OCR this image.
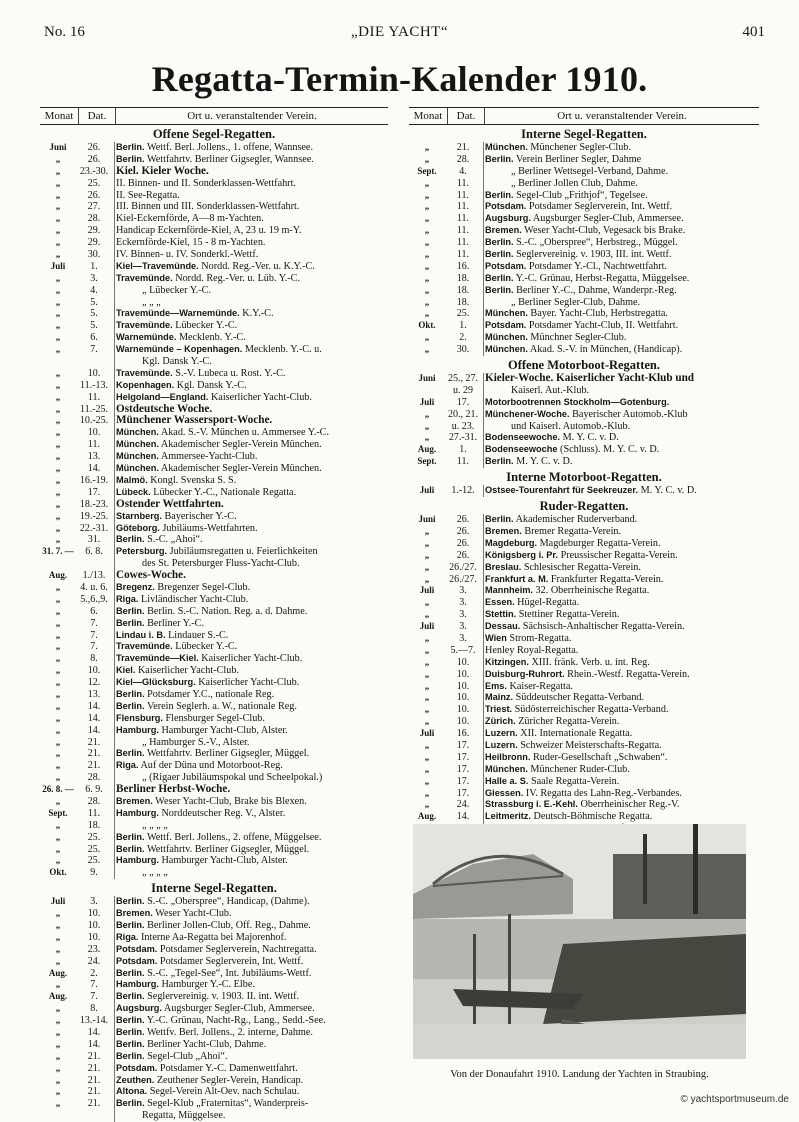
No. 16	„DIE YACHT“	401
Regatta-Termin-Kalender 1910.
Monat	Dat.	Ort u. veranstaltender Verein.
Offene Segel-Regatten.
Juni	26.	Berlin. Wettf. Berl. Jollens., 1. offene, Wannsee.
„	26.	Berlin. Wettfahrtv. Berliner Gigsegler, Wannsee.
„	23.-30. Kiel. Kieler Woche.
„	25.	II. Binnen- und II. Sonderklassen-Wettfahrt.
„	26.	II. See-Regatta.
„	27.	III. Binnen und III. Sonderklassen-Wettfahrt.
„	28.	Kiel-Eckernförde, A—8 m-Yachten.
„	29.	Handicap Eckernförde-Kiel, A, 23 u. 19 m-Y.
„	29.	Eckernförde-Kiel, 15 - 8 m-Yachten.
„	30.	IV. Binnen- u. IV. Sonderkl.-Wettf.
Juli	1.	Kiel—Travemünde. Nordd. Reg.-Ver. u. K.Y.-C.
„	3.	Travemünde. Nordd. Reg.-Ver. u. Lüb. Y.-C.
„	4.	„ Lübecker Y.-C.
„	5.	„ „ „
„	5.	Travemünde—Warnemünde. K.Y.-C.
„	5.	Travemünde. Lübecker Y.-C.
„	6.	Warnemünde. Mecklenb. Y.-C.
„	7.	Warnemünde – Kopenhagen. Mecklenb. Y.-C. u.
Kgl. Dansk Y.-C.
„	10.	Travemünde. S.-V. Lubeca u. Rost. Y.-C.
„	11.-13. Kopenhagen. Kgl. Dansk Y.-C.
„	11.	Helgoland—England. Kaiserlicher Yacht-Club.
„	11.-25. Ostdeutsche Woche.
„	10.-25. Münchener Wassersport-Woche.
„	10.	München. Akad. S.-V. München u. Ammersee Y.-C.
„	11.	München. Akademischer Segler-Verein München.
„	13.	München. Ammersee-Yacht-Club.
„	14.	München. Akademischer Segler-Verein München.
„	16.-19. Malmö. Kongl. Svenska S. S.
„	17.	Lübeck. Lübecker Y.-C., Nationale Regatta.
„	18.-23. Ostender Wettfahrten.
„	19.-25. Starnberg. Bayerischer Y.-C.
„	22.-31. Göteborg. Jubiläums-Wettfahrten.
„	31.	Berlin. S.-C. „Ahoi“.
31. 7. —	6. 8.	Petersburg. Jubiläumsregatten u. Feierlichkeiten
des St. Petersburger Fluss-Yacht-Club.
Aug.	1./13. Cowes-Woche.
„	4. u. 6. Bregenz. Bregenzer Segel-Club.
„	5.,6.,9. Riga. Livländischer Yacht-Club.
„	6.	Berlin. Berlin. S.-C. Nation. Reg. a. d. Dahme.
„	7.	Berlin. Berliner Y.-C.
„	7.	Lindau i. B. Lindauer S.-C.
„	7.	Travemünde. Lübecker Y.-C.
„	8.	Travemünde—Kiel. Kaiserlicher Yacht-Club.
„	10.	Kiel. Kaiserlicher Yacht-Club.
„	12.	Kiel—Glücksburg. Kaiserlicher Yacht-Club.
„	13.	Berlin. Potsdamer Y.C., nationale Reg.
„	14.	Berlin. Verein Seglerh. a. W., nationale Reg.
„	14.	Flensburg. Flensburger Segel-Club.
„	14.	Hamburg. Hamburger Yacht-Club, Alster.
„	21.	„ Hamburger S.-V., Alster.
„	21.	Berlin. Wettfahrtv. Berliner Gigsegler, Müggel.
„	21.	Riga. Auf der Düna und Motorboot-Reg.
„	28.	„ (Rigaer Jubiläumspokal und Scheelpokal.)
26. 8. —	6. 9.	Berliner Herbst-Woche.
„	28.	Bremen. Weser Yacht-Club, Brake bis Blexen.
Sept.	11.	Hamburg. Norddeutscher Reg. V., Alster.
„	18.	„ „ „ „
„	25.	Berlin. Wettf. Berl. Jollens., 2. offene, Müggelsee.
„	25.	Berlin. Wettfahrtv. Berliner Gigsegler, Müggel.
„	25.	Hamburg. Hamburger Yacht-Club, Alster.
Okt.	9.	„ „ „ „
Interne Segel-Regatten.
Juli	3.	Berlin. S.-C. „Oberspree“, Handicap, (Dahme).
„	10.	Bremen. Weser Yacht-Club.
„	10.	Berlin. Berliner Jollen-Club, Off. Reg., Dahme.
„	10.	Riga. Interne Aa-Regatta bei Majorenhof.
„	23.	Potsdam. Potsdamer Seglerverein, Nachtregatta.
„	24.	Potsdam. Potsdamer Seglerverein, Int. Wettf.
Aug.	2.	Berlin. S.-C. „Tegel-See“, Int. Jubiläums-Wettf.
„	7.	Hamburg. Hamburger Y.-C. Elbe.
Aug.	7.	Berlin. Seglervereinig. v. 1903. II. int. Wettf.
„	8.	Augsburg. Augsburger Segler-Club, Ammersee.
„	13.-14. Berlin. Y.-C. Grünau, Nacht-Rg., Lang., Sedd.-See.
„	14.	Berlin. Wettfv. Berl. Jollens., 2. interne, Dahme.
„	14.	Berlin. Berliner Yacht-Club, Dahme.
„	21.	Berlin. Segel-Club „Ahoi“.
„	21.	Potsdam. Potsdamer Y.-C. Damenwettfahrt.
„	21.	Zeuthen. Zeuthener Segler-Verein, Handicap.
„	21.	Altona. Segel-Verein Alt-Oev. nach Schulau.
„	21.	Berlin. Segel-Klub „Fraternitas“, Wanderpreis-
Regatta, Müggelsee.
Monat	Dat.	Ort u. veranstaltender Verein.
Interne Segel-Regatten.
„	21.	München. Münchener Segler-Club.
„	28.	Berlin. Verein Berliner Segler, Dahme
Sept.	4.	„ Berliner Wettsegel-Verband, Dahme.
„	11.	„ Berliner Jollen Club, Dahme.
„	11.	Berlin. Segel-Club „Frithjof“, Tegelsee.
„	11.	Potsdam. Potsdamer Seglerverein, Int. Wettf.
„	11.	Augsburg. Augsburger Segler-Club, Ammersee.
„	11.	Bremen. Weser Yacht-Club, Vegesack bis Brake.
„	11.	Berlin. S.-C. „Oberspree“, Herbstreg., Müggel.
„	11.	Berlin. Seglervereinig. v. 1903, III. int. Wettf.
„	16.	Potsdam. Potsdamer Y.-Cl., Nachtwettfahrt.
„	18.	Berlin. Y.-C. Grünau, Herbst-Regatta, Müggelsee.
„	18.	Berlin. Berliner Y.-C., Dahme, Wanderpr.-Reg.
„	18.	„ Berliner Segler-Club, Dahme.
„	25.	München. Bayer. Yacht-Club, Herbstregatta.
Okt.	1.	Potsdam. Potsdamer Yacht-Club, II. Wettfahrt.
„	2.	München. Münchner Segler-Club.
„	30.	München. Akad. S.-V. in München, (Handicap).
Offene Motorboot-Regatten.
Juni	25., 27. Kieler-Woche. Kaiserlicher Yacht-Klub und
u. 29	Kaiserl. Aut.-Klub.
Juli	17.	Motorbootrennen Stockholm—Gotenburg.
„	20., 21. Münchener-Woche. Bayerischer Automob.-Klub
„	u. 23.	und Kaiserl. Automob.-Klub.
„	27.-31. Bodenseewoche. M. Y. C. v. D.
Aug.	1.	Bodenseewoche (Schluss). M. Y. C. v. D.
Sept.	11.	Berlin. M. Y. C. v. D.
Interne Motorboot-Regatten.
Juli	1.-12.	Ostsee-Tourenfahrt für Seekreuzer. M. Y. C. v. D.
Ruder-Regatten.
Juni	26.	Berlin. Akademischer Ruderverband.
„	26.	Bremen. Bremer Regatta-Verein.
„	26.	Magdeburg. Magdeburger Regatta-Verein.
„	26.	Königsberg i. Pr. Preussischer Regatta-Verein.
„	26./27. Breslau. Schlesischer Regatta-Verein.
„	26./27. Frankfurt a. M. Frankfurter Regatta-Verein.
Juli	3.	Mannheim. 32. Oberrheinische Regatta.
„	3.	Essen. Hügel-Regatta.
„	3.	Stettin. Stettiner Regatta-Verein.
Juli	3.	Dessau. Sächsisch-Anhaltischer Regatta-Verein.
„	3.	Wien Strom-Regatta.
„	5.—7. Henley Royal-Regatta.
„	10.	Kitzingen. XIII. fränk. Verb. u. int. Reg.
„	10.	Duisburg-Ruhrort. Rhein.-Westf. Regatta-Verein.
„	10.	Ems. Kaiser-Regatta.
„	10.	Mainz. Süddeutscher Regatta-Verband.
„	10.	Triest. Südösterreichischer Regatta-Verband.
„	10.	Zürich. Züricher Regatta-Verein.
Juli	16.	Luzern. XII. Internationale Regatta.
„	17.	Luzern. Schweizer Meisterschafts-Regatta.
„	17.	Heilbronn. Ruder-Gesellschaft „Schwaben“.
„	17.	München. Münchener Ruder-Club.
„	17.	Halle a. S. Saale Regatta-Verein.
„	17.	Giessen. IV. Regatta des Lahn-Reg.-Verbandes.
„	24.	Strassburg i. E.-Kehl. Oberrheinischer Reg.-V.
Aug.	14.	Leitmeritz. Deutsch-Böhmische Regatta.
Von der Donaufahrt 1910. Landung der Yachten in Straubing.
© yachtsportmuseum.de
